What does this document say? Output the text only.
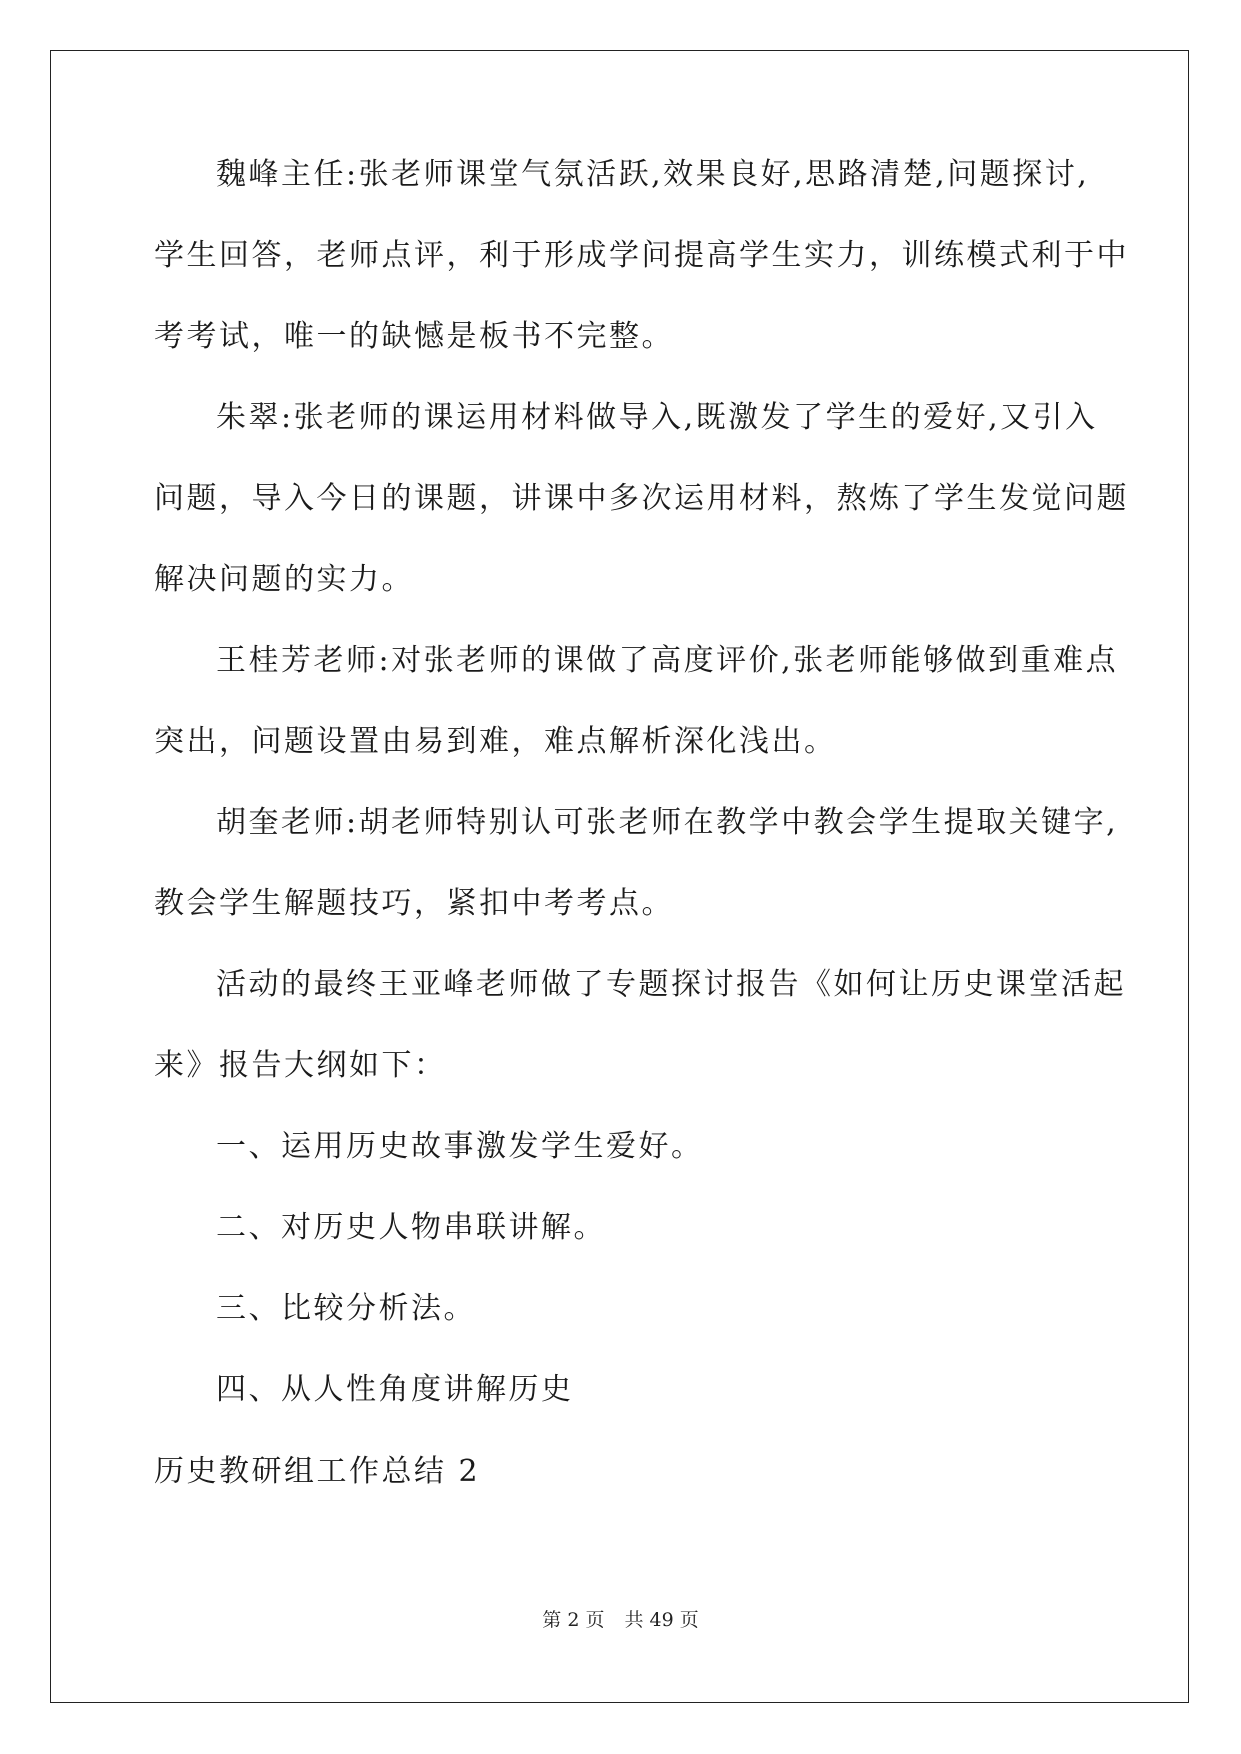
魏峰主任:张老师课堂气氛活跃,效果良好,思路清楚,问题探讨,
学生回答，老师点评，利于形成学问提高学生实力，训练模式利于中
考考试，唯一的缺憾是板书不完整。
朱翠:张老师的课运用材料做导入,既激发了学生的爱好,又引入
问题，导入今日的课题，讲课中多次运用材料，熬炼了学生发觉问题
解决问题的实力。
王桂芳老师:对张老师的课做了高度评价,张老师能够做到重难点
突出，问题设置由易到难，难点解析深化浅出。
胡奎老师:胡老师特别认可张老师在教学中教会学生提取关键字,
教会学生解题技巧，紧扣中考考点。
活动的最终王亚峰老师做了专题探讨报告《如何让历史课堂活起
来》报告大纲如下：
一、运用历史故事激发学生爱好。
二、对历史人物串联讲解。
三、比较分析法。
四、从人性角度讲解历史
历史教研组工作总结 2
第 2 页 共 49 页
